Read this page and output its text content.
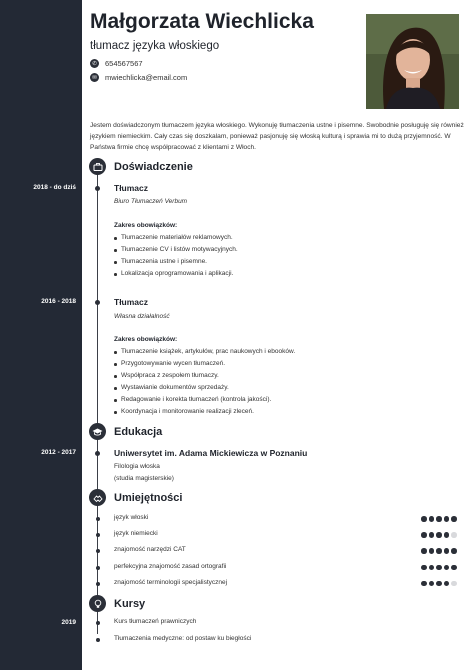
Małgorzata Wiechlicka
tłumacz języka włoskiego
✆ 654567567
✉ mwiechlicka@email.com
Jestem doświadczonym tłumaczem języka włoskiego. Wykonuję tłumaczenia ustne i pisemne. Swobodnie posługuję się również językiem niemieckim. Cały czas się doszkalam, ponieważ pasjonuję się włoską kulturą i sprawia mi to dużą przyjemność. W Państwa firmie chcę współpracować z klientami z Włoch.
Doświadczenie
2018 - do dziś	Tłumacz
Biuro Tłumaczeń Verbum
Zakres obowiązków:
Tłumaczenie materiałów reklamowych.
Tłumaczenie CV i listów motywacyjnych.
Tłumaczenia ustne i pisemne.
Lokalizacja oprogramowania i aplikacji.
2016 - 2018	Tłumacz
Własna działalność
Zakres obowiązków:
Tłumaczenie książek, artykułów, prac naukowych i ebooków.
Przygotowywanie wycen tłumaczeń.
Współpraca z zespołem tłumaczy.
Wystawianie dokumentów sprzedaży.
Redagowanie i korekta tłumaczeń (kontrola jakości).
Koordynacja i monitorowanie realizacji zleceń.
Edukacja
2012 - 2017	Uniwersytet im. Adama Mickiewicza w Poznaniu
Filologia włoska
(studia magisterskie)
Umiejętności
język włoski
język niemiecki
znajomość narzędzi CAT
perfekcyjna znajomość zasad ortografii
znajomość terminologii specjalistycznej
Kursy
2019	Kurs tłumaczeń prawniczych
Tłumaczenia medyczne: od postaw ku biegłości
